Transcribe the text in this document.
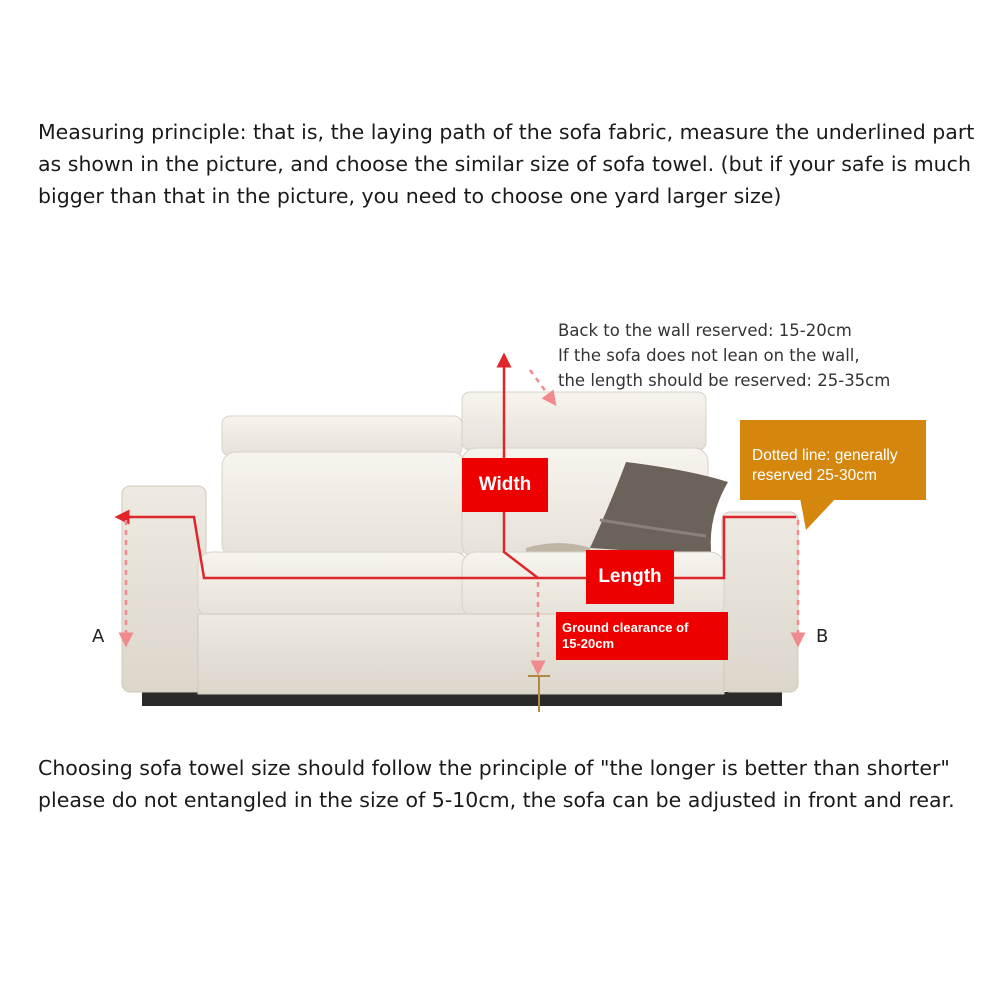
Measuring principle: that is, the laying path of the sofa fabric, measure the underlined part as shown in the picture, and choose the similar size of sofa towel. (but if your safe is much bigger than that in the picture, you need to choose one yard larger size)

Back to the wall reserved: 15-20cm
If the sofa does not lean on the wall,
the length should be reserved: 25-35cm
Dotted line: generally
reserved 25-30cm
Width
Length
Ground clearance of
15-20cm
A	B

Choosing sofa towel size should follow the principle of "the longer is better than shorter" please do not entangled in the size of 5-10cm, the sofa can be adjusted in front and rear.
